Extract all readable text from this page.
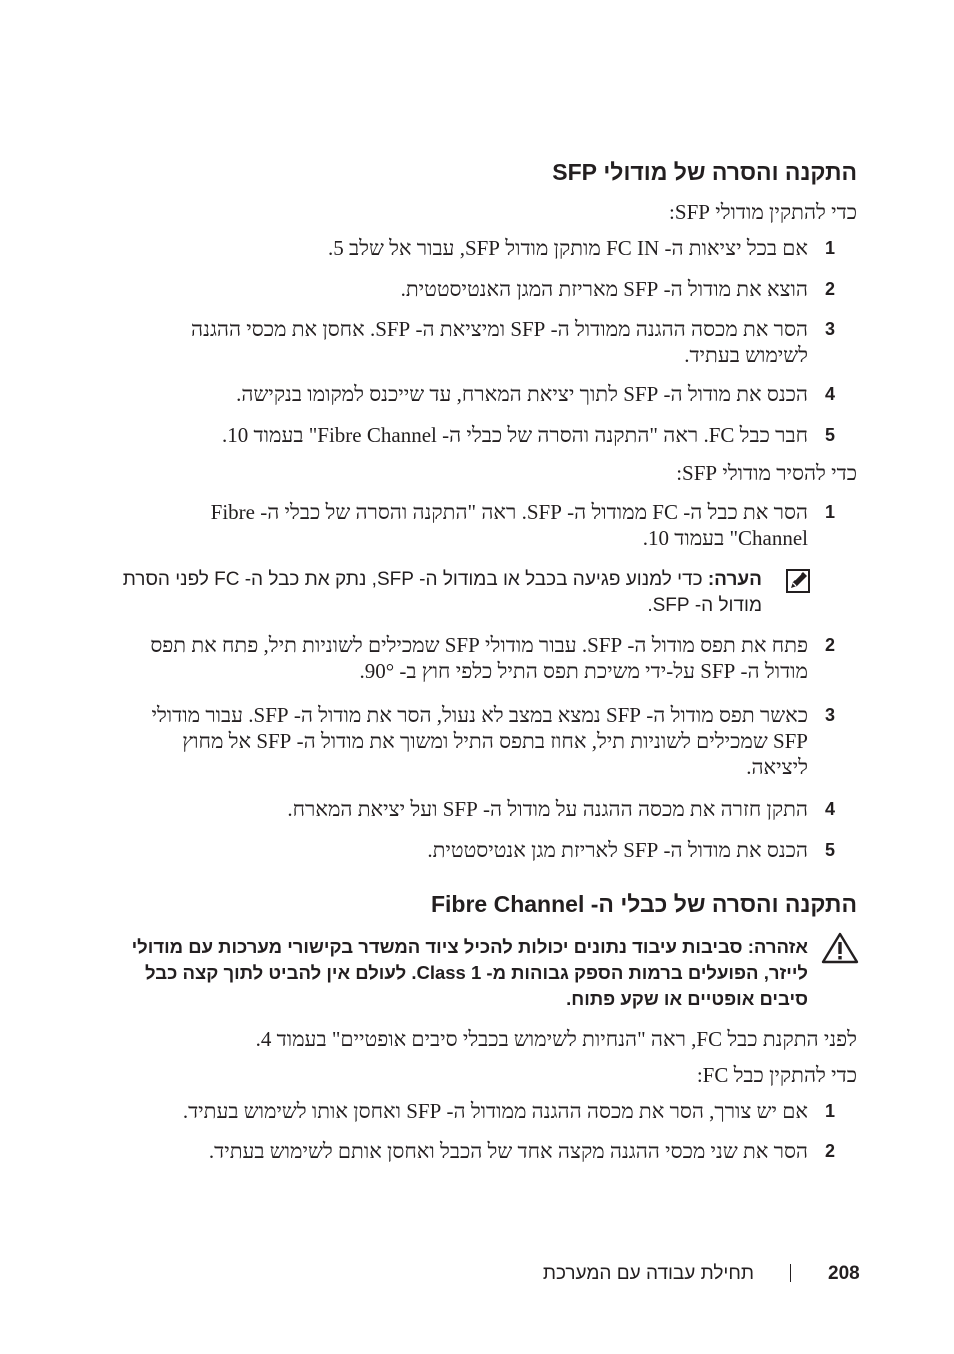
התקנה והסרה של מודולי SFP
כדי להתקין מודולי SFP:
1
אם בכל יציאות ה- FC IN מותקן מודול SFP, עבור אל שלב 5.
2
הוצא את מודול ה- SFP מאריזת המגן האנטיסטטית.
3
הסר את מכסה ההגנה ממודול ה- SFP ומיציאת ה- SFP. אחסן את מכסי ההגנה לשימוש בעתיד.
4
הכנס את מודול ה- SFP לתוך יציאת המארח, עד שייכנס למקומו בנקישה.
5
חבר כבל FC. ראה "התקנה והסרה של כבלי ה- Fibre Channel" בעמוד 10.
כדי להסיר מודולי SFP:
1
הסר את כבל ה- FC ממודול ה- SFP. ראה "התקנה והסרה של כבלי ה- Fibre Channel" בעמוד 10.
הערה: כדי למנוע פגיעה בכבל או במודול ה- SFP, נתק את כבל ה- FC לפני הסרת מודול ה- SFP.
2
פתח את תפס מודול ה- SFP. עבור מודולי SFP שמכילים לשוניות תיל, פתח את תפס מודול ה- SFP על-ידי משיכת תפס התיל כלפי חוץ ב- 90°.
3
כאשר תפס מודול ה- SFP נמצא במצב לא נעול, הסר את מודול ה- SFP. עבור מודולי SFP שמכילים לשוניות תיל, אחוז בתפס התיל ומשוך את מודול ה- SFP אל מחוץ ליציאה.
4
התקן חזרה את מכסה ההגנה על מודול ה- SFP ועל יציאת המארח.
5
הכנס את מודול ה- SFP לאריזת מגן אנטיסטטית.
התקנה והסרה של כבלי ה- Fibre Channel
אזהרה: סביבות עיבוד נתונים יכולות להכיל ציוד המשדר בקישורי מערכות עם מודולי לייזר, הפועלים ברמות הספק גבוהות מ- Class 1. לעולם אין להביט לתוך קצה כבל סיבים אופטיים או שקע פתוח.
לפני התקנת כבל FC, ראה "הנחיות לשימוש בכבלי סיבים אופטיים" בעמוד 4.
כדי להתקין כבל FC:
1
אם יש צורך, הסר את מכסה ההגנה ממודול ה- SFP ואחסן אותו לשימוש בעתיד.
2
הסר את שני מכסי ההגנה מקצה אחד של הכבל ואחסן אותם לשימוש בעתיד.
208
תחילת עבודה עם המערכת
